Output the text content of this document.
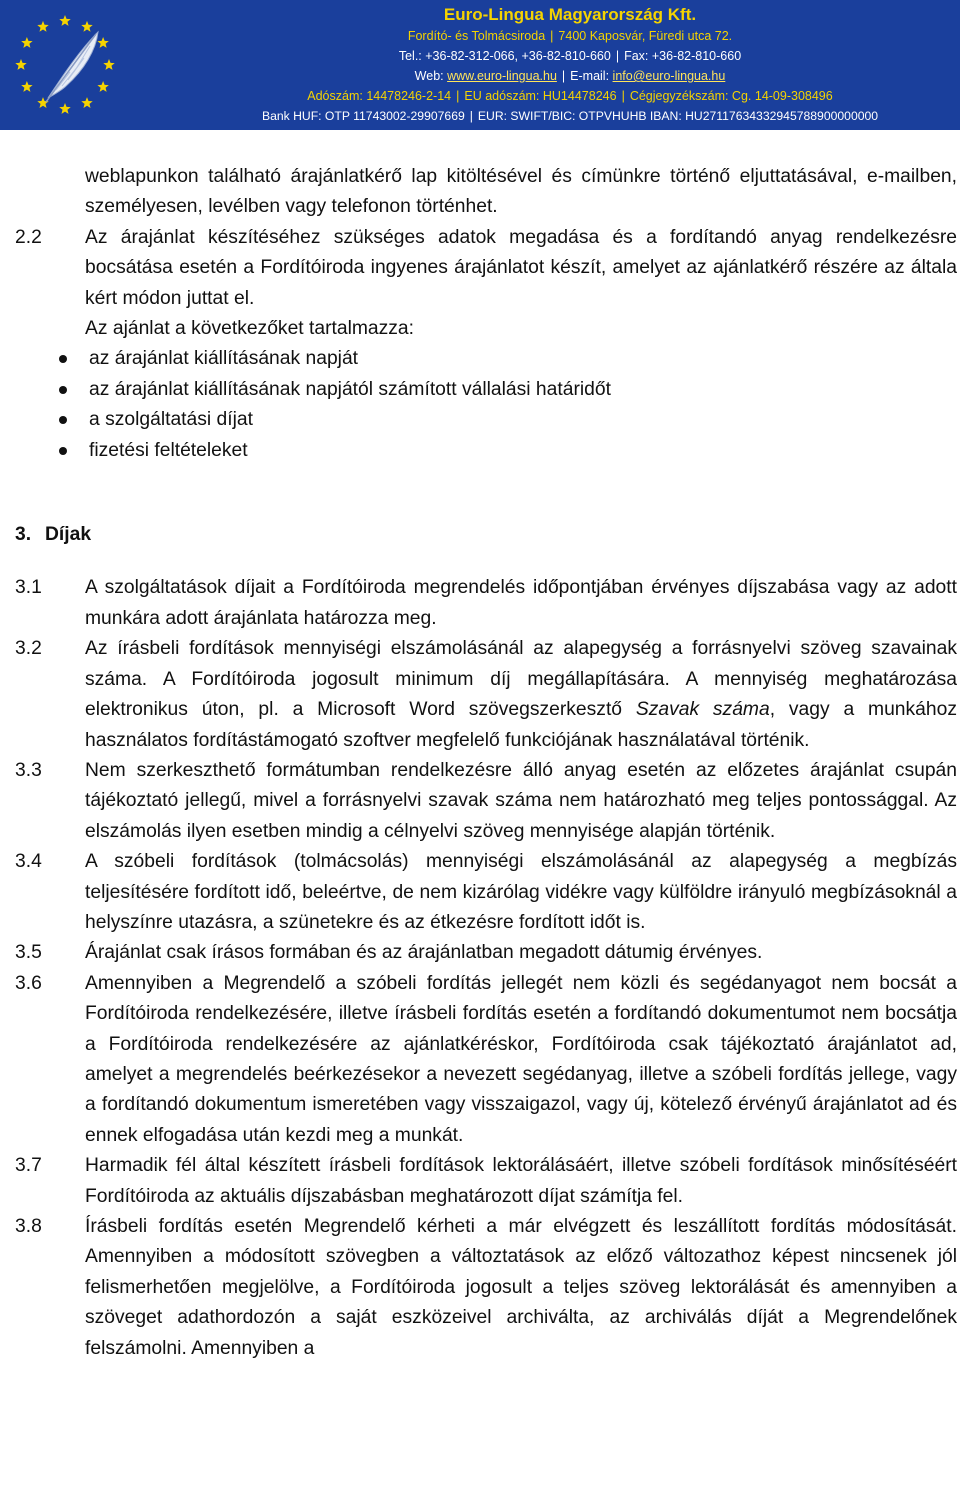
Euro-Lingua Magyarország Kft.
Fordító- és Tolmácsiroda | 7400 Kaposvár, Füredi utca 72.
Tel.: +36-82-312-066, +36-82-810-660 | Fax: +36-82-810-660
Web: www.euro-lingua.hu | E-mail: info@euro-lingua.hu
Adószám: 14478246-2-14 | EU adószám: HU14478246 | Cégjegyzékszám: Cg. 14-09-308496
Bank HUF: OTP 11743002-29907669 | EUR: SWIFT/BIC: OTPVHUHB IBAN: HU27117634332945788900000000

weblapunkon található árajánlatkérő lap kitöltésével és címünkre történő eljuttatásával, e-mailben, személyesen, levélben vagy telefonon történhet.

2.2 Az árajánlat készítéséhez szükséges adatok megadása és a fordítandó anyag rendelkezésre bocsátása esetén a Fordítóiroda ingyenes árajánlatot készít, amelyet az ajánlatkérő részére az általa kért módon juttat el.
Az ajánlat a következőket tartalmazza:
az árajánlat kiállításának napját
az árajánlat kiállításának napjától számított vállalási határidőt
a szolgáltatási díjat
fizetési feltételeket
3. Díjak
3.1 A szolgáltatások díjait a Fordítóiroda megrendelés időpontjában érvényes díjszabása vagy az adott munkára adott árajánlata határozza meg.
3.2 Az írásbeli fordítások mennyiségi elszámolásánál az alapegység a forrásnyelvi szöveg szavainak száma. A Fordítóiroda jogosult minimum díj megállapítására. A mennyiség meghatározása elektronikus úton, pl. a Microsoft Word szövegszerkesztő Szavak száma, vagy a munkához használatos fordítástámogató szoftver megfelelő funkciójának használatával történik.
3.3 Nem szerkeszthető formátumban rendelkezésre álló anyag esetén az előzetes árajánlat csupán tájékoztató jellegű, mivel a forrásnyelvi szavak száma nem határozható meg teljes pontossággal. Az elszámolás ilyen esetben mindig a célnyelvi szöveg mennyisége alapján történik.
3.4 A szóbeli fordítások (tolmácsolás) mennyiségi elszámolásánál az alapegység a megbízás teljesítésére fordított idő, beleértve, de nem kizárólag vidékre vagy külföldre irányuló megbízásoknál a helyszínre utazásra, a szünetekre és az étkezésre fordított időt is.
3.5 Árajánlat csak írásos formában és az árajánlatban megadott dátumig érvényes.
3.6 Amennyiben a Megrendelő a szóbeli fordítás jellegét nem közli és segédanyagot nem bocsát a Fordítóiroda rendelkezésére, illetve írásbeli fordítás esetén a fordítandó dokumentumot nem bocsátja a Fordítóiroda rendelkezésére az ajánlatkéréskor, Fordítóiroda csak tájékoztató árajánlatot ad, amelyet a megrendelés beérkezésekor a nevezett segédanyag, illetve a szóbeli fordítás jellege, vagy a fordítandó dokumentum ismeretében vagy visszaigazol, vagy új, kötelező érvényű árajánlatot ad és ennek elfogadása után kezdi meg a munkát.
3.7 Harmadik fél által készített írásbeli fordítások lektorálásáért, illetve szóbeli fordítások minősítéséért Fordítóiroda az aktuális díjszabásban meghatározott díjat számítja fel.
3.8 Írásbeli fordítás esetén Megrendelő kérheti a már elvégzett és leszállított fordítás módosítását. Amennyiben a módosított szövegben a változtatások az előző változathoz képest nincsenek jól felismerhetően megjelölve, a Fordítóiroda jogosult a teljes szöveg lektorálását és amennyiben a szöveget adathordozón a saját eszközeivel archiválta, az archiválás díját a Megrendelőnek felszámolni. Amennyiben a
